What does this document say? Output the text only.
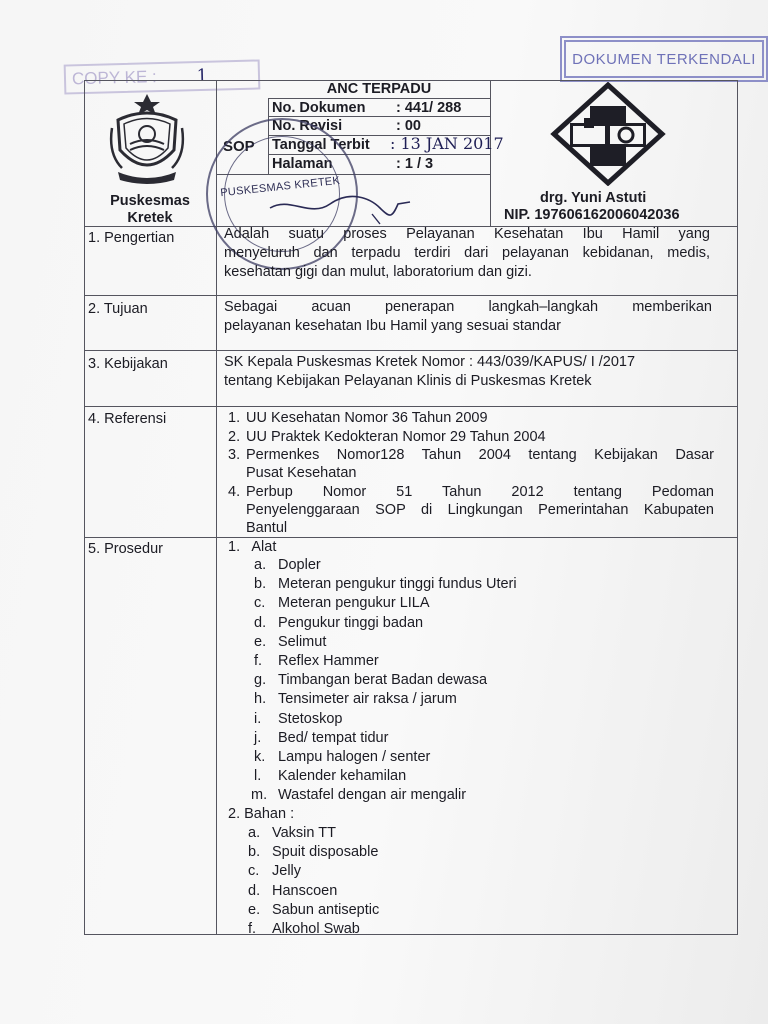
DOKUMEN TERKENDALI
COPY KE : 1
ANC TERPADU
SOP
No. Dokumen : 441/ 288
No. Revisi	: 00
Tanggal Terbit : 13 JAN 2017
Halaman	: 1 / 3
Puskesmas
Kretek
drg. Yuni Astuti
NIP. 197606162006042036
PUSKESMAS KRETEK
1. Pengertian	Adalah suatu proses Pelayanan Kesehatan Ibu Hamil yang
menyeluruh dan terpadu terdiri dari pelayanan kebidanan, medis,
kesehatan gigi dan mulut, laboratorium dan gizi.
2. Tujuan	Sebagai acuan penerapan langkah–langkah memberikan
pelayanan kesehatan Ibu Hamil yang sesuai standar
3. Kebijakan	SK Kepala Puskesmas Kretek Nomor : 443/039/KAPUS/ I /2017
tentang Kebijakan Pelayanan Klinis di Puskesmas Kretek
4. Referensi	1. UU Kesehatan Nomor 36 Tahun 2009
2. UU Praktek Kedokteran Nomor 29 Tahun 2004
3. Permenkes Nomor128 Tahun 2004 tentang Kebijakan Dasar
Pusat Kesehatan
4. Perbup Nomor 51 Tahun 2012 tentang Pedoman
Penyelenggaraan SOP di Lingkungan Pemerintahan Kabupaten
Bantul
5. Prosedur	1.   Alat
a. Dopler
b. Meteran pengukur tinggi fundus Uteri
c. Meteran pengukur LILA
d. Pengukur tinggi badan
e. Selimut
f.	Reflex Hammer
g. Timbangan berat Badan dewasa
h. Tensimeter air raksa / jarum
i.	Stetoskop
j.	Bed/ tempat tidur
k. Lampu halogen / senter
l.	Kalender kehamilan
m. Wastafel dengan air mengalir
2. Bahan :
a. Vaksin TT
b. Spuit disposable
c. Jelly
d. Hanscoen
e. Sabun antiseptic
f.	Alkohol Swab
